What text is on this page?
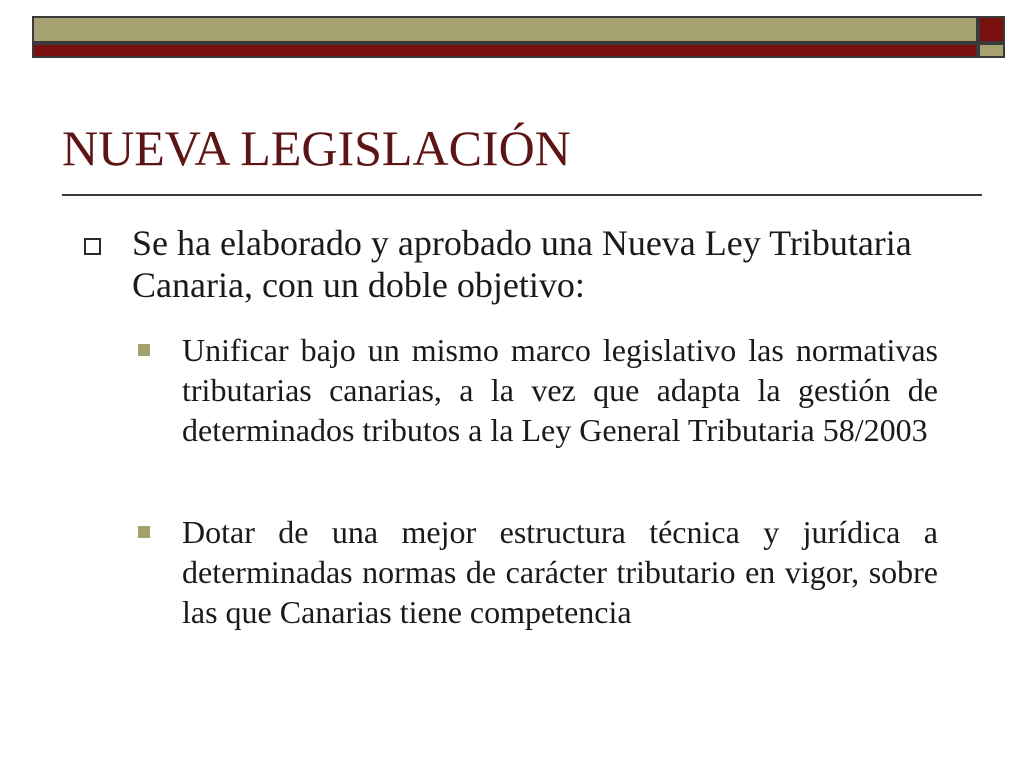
NUEVA LEGISLACIÓN

Se ha elaborado y aprobado una Nueva Ley Tributaria Canaria, con un doble objetivo:

Unificar bajo un mismo marco legislativo las normativas tributarias canarias, a la vez que adapta la gestión de determinados tributos a la Ley General Tributaria 58/2003

Dotar de una mejor estructura técnica y jurídica a determinadas normas de carácter tributario en vigor, sobre las que Canarias tiene competencia
